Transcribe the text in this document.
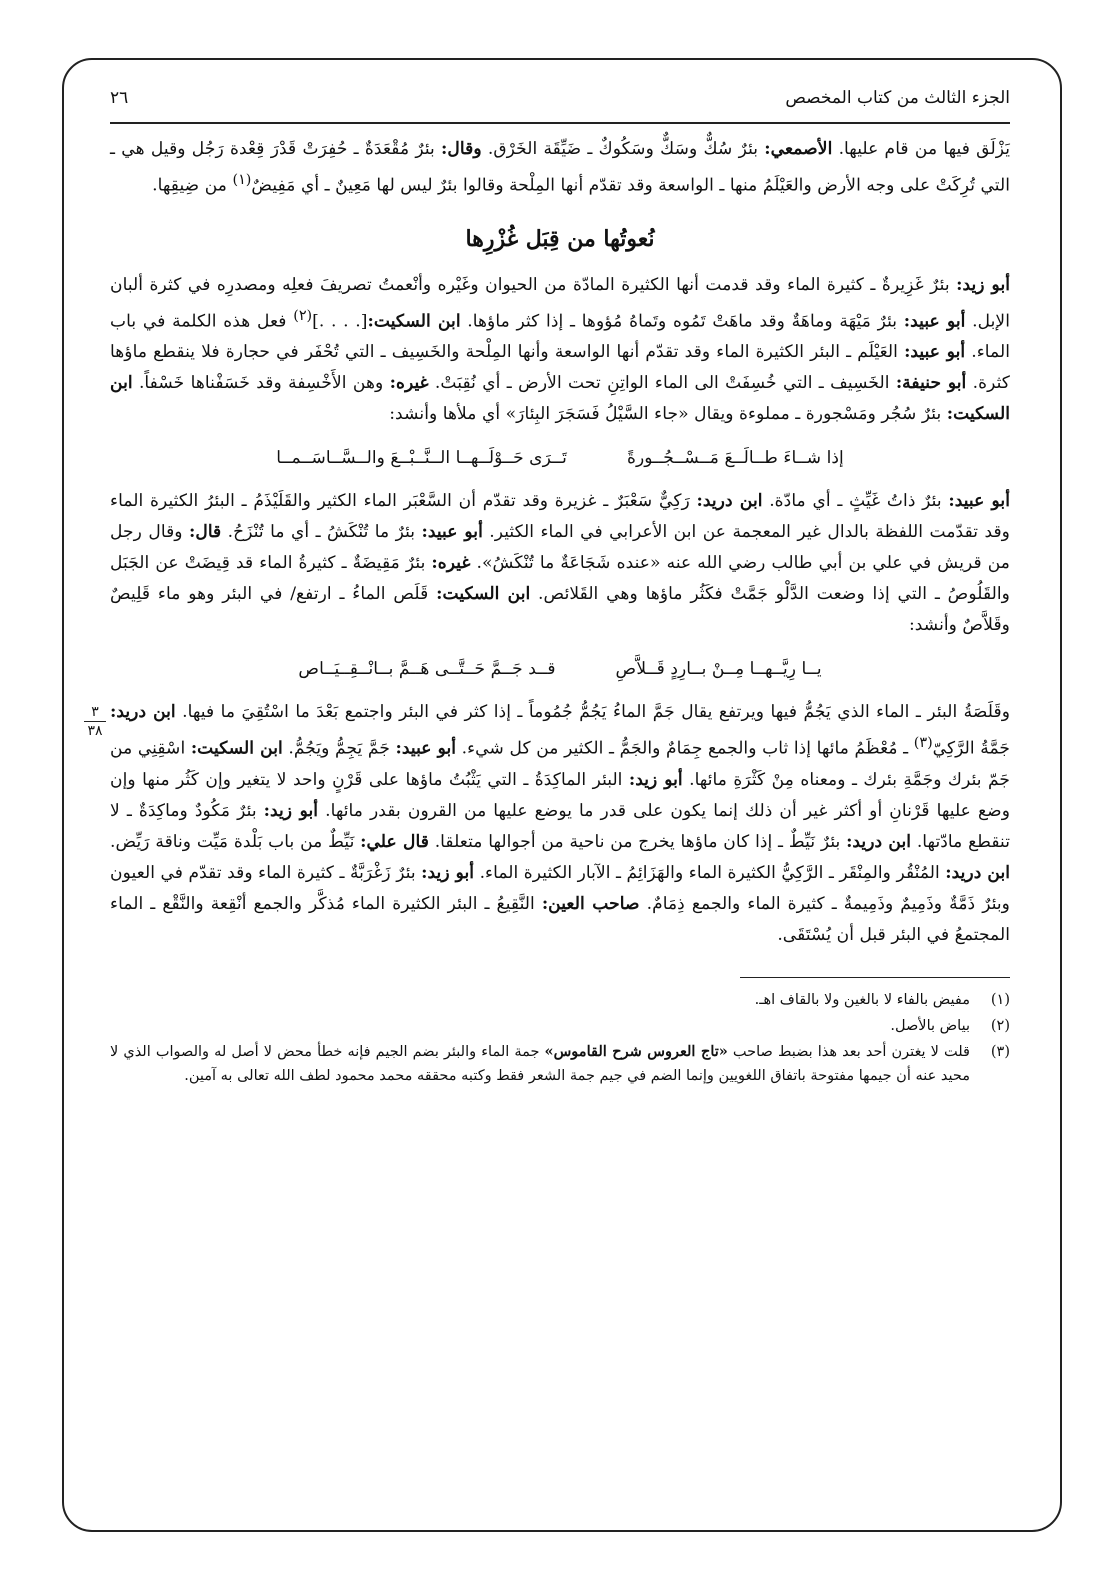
٣
٣٨
الجزء الثالث من كتاب المخصص
٢٦

يَزْلَق فيها من قام عليها. الأصمعي: بئرٌ سُكٌّ وسَكٌّ وسَكُوكٌ ـ ضَيِّقَة الخَرْق. وقال: بئرٌ مُقْعَدَةٌ ـ حُفِرَتْ قَدْرَ قِعْدة رَجُل وقيل هي ـ التي تُرِكَتْ على وجه الأرض والعَيْلَمُ منها ـ الواسعة وقد تقدّم أنها المِلْحة وقالوا بئرٌ ليس لها مَعِينٌ ـ أي مَفِيضٌ$^{(١)}$ من ضِيقِها.

نُعوتُها من قِبَل غُزْرِها

أبو زيد: بئرٌ غَزِيرةٌ ـ كثيرة الماء وقد قدمت أنها الكثيرة المادّة من الحيوان وغَيْره وأنْعمتُ تصريفَ فعلِه ومصدرِه في كثرة ألبان الإبل. أبو عبيد: بئرٌ مَيْهَة وماهَةٌ وقد ماهَتْ تَمُوه وتَماهُ مُؤوها ـ إذا كثر ماؤها. ابن السكيت:[. . . .]$^{(٢)}$ فعل هذه الكلمة في باب الماء. أبو عبيد: العَيْلَم ـ البئر الكثيرة الماء وقد تقدّم أنها الواسعة وأنها المِلْحة والخَسِيف ـ التي تُحْفَر في حجارة فلا ينقطع ماؤها كثرة. أبو حنيفة: الخَسِيف ـ التي خُسِفَتْ الى الماء الواتِنِ تحت الأرض ـ أي نُقِبَتْ. غيره: وهن الأَخْسِفة وقد خَسَفْناها خَسْفاً. ابن السكيت: بئرٌ سُجُر ومَسْجورة ـ مملوءة ويقال «جاء السَّيْلُ فَسَجَرَ البِئارَ» أي ملأها وأنشد:

إذا شــاءَ طــالَــعَ مَــسْــجُــورةً
تَــرَى حَــوْلَــهــا الــنَّــبْــعَ والــسَّــاسَــمــا

أبو عبيد: بئرٌ ذاتُ غَيِّثٍ ـ أي مادّة. ابن دريد: رَكِيٌّ سَعْبَرٌ ـ غزيرة وقد تقدّم أن السَّعْبَر الماء الكثير والقَلَيْذَمُ ـ البئرُ الكثيرة الماء وقد تقدّمت اللفظة بالدال غير المعجمة عن ابن الأعرابي في الماء الكثير. أبو عبيد: بئرٌ ما تُنْكَشُ ـ أي ما تُنْزَحُ. قال: وقال رجل من قريش في علي بن أبي طالب رضي الله عنه «عنده شَجَاعَةٌ ما تُنْكَشُ». غيره: بئرٌ مَقِيضَةٌ ـ كثيرةُ الماء قد قِيضَتْ عن الجَبَل والقَلُوصُ ـ التي إذا وضعت الدَّلْو جَمَّتْ فكَثُر ماؤها وهي القَلائص. ابن السكيت: قَلَص الماءُ ـ ارتفع/ في البئر وهو ماء قَلِيصٌ وقَلاَّصٌ وأنشد:

يــا رِيَّــهــا مِــنْ بــارِدٍ قَــلاَّصِ
قــد جَــمَّ حَــتَّــى هَــمَّ بــانْــقِــيَــاص

وقَلَصَةُ البئر ـ الماء الذي يَجُمُّ فيها ويرتفع يقال جَمَّ الماءُ يَجُمُّ جُمُوماً ـ إذا كثر في البئر واجتمع بَعْدَ ما اسْتُقِيَ ما فيها. ابن دريد: جَمَّةُ الرَّكِيّ$^{(٣)}$ ـ مُعْظَمُ مائها إذا ثاب والجمع جِمَامٌ والجَمُّ ـ الكثير من كل شيء. أبو عبيد: جَمَّ يَجِمُّ ويَجُمُّ. ابن السكيت: اسْقِنِي من جَمّ بئرك وجَمَّةِ بئرك ـ ومعناه مِنْ كَثْرَةِ مائها. أبو زيد: البئر الماكِدَةُ ـ التي يَثْبُتُ ماؤها على قَرْنٍ واحد لا يتغير وإن كَثُر منها وإن وضع عليها قَرْنانِ أو أكثر غير أن ذلك إنما يكون على قدر ما يوضع عليها من القرون بقدر مائها. أبو زيد: بئرٌ مَكُودٌ وماكِدَةٌ ـ لا تنقطع مادّتها. ابن دريد: بئرٌ نَيِّطٌ ـ إذا كان ماؤها يخرج من ناحية من أجوالها متعلقا. قال علي: نَيِّطٌ من باب بَلْدة مَيِّت وناقة رَيِّض. ابن دريد: المُنْقُر والمِنْقَر ـ الرَّكِيُّ الكثيرة الماء والهَزَائِمُ ـ الآبار الكثيرة الماء. أبو زيد: بئرٌ زَغْرَبَّةٌ ـ كثيرة الماء وقد تقدّم في العيون وبئرٌ ذَمَّةٌ وذَمِيمٌ وذَمِيمةٌ ـ كثيرة الماء والجمع ذِمَامٌ. صاحب العين: النَّقِيعُ ـ البئر الكثيرة الماء مُذكَّر والجمع أنْقِعة والنَّقْع ـ الماء المجتمعُ في البئر قبل أن يُسْتَقَى.

(١)
مفيض بالفاء لا بالغين ولا بالقاف اهـ.
(٢)
بياض بالأصل.
(٣)
قلت لا يغترن أحد بعد هذا بضبط صاحب «تاج العروس شرح القاموس» جمة الماء والبئر بضم الجيم فإنه خطأ محض لا أصل له والصواب الذي لا محيد عنه أن جيمها مفتوحة باتفاق اللغويين وإنما الضم في جيم جمة الشعر فقط وكتبه محققه محمد محمود لطف الله تعالى به آمين.
